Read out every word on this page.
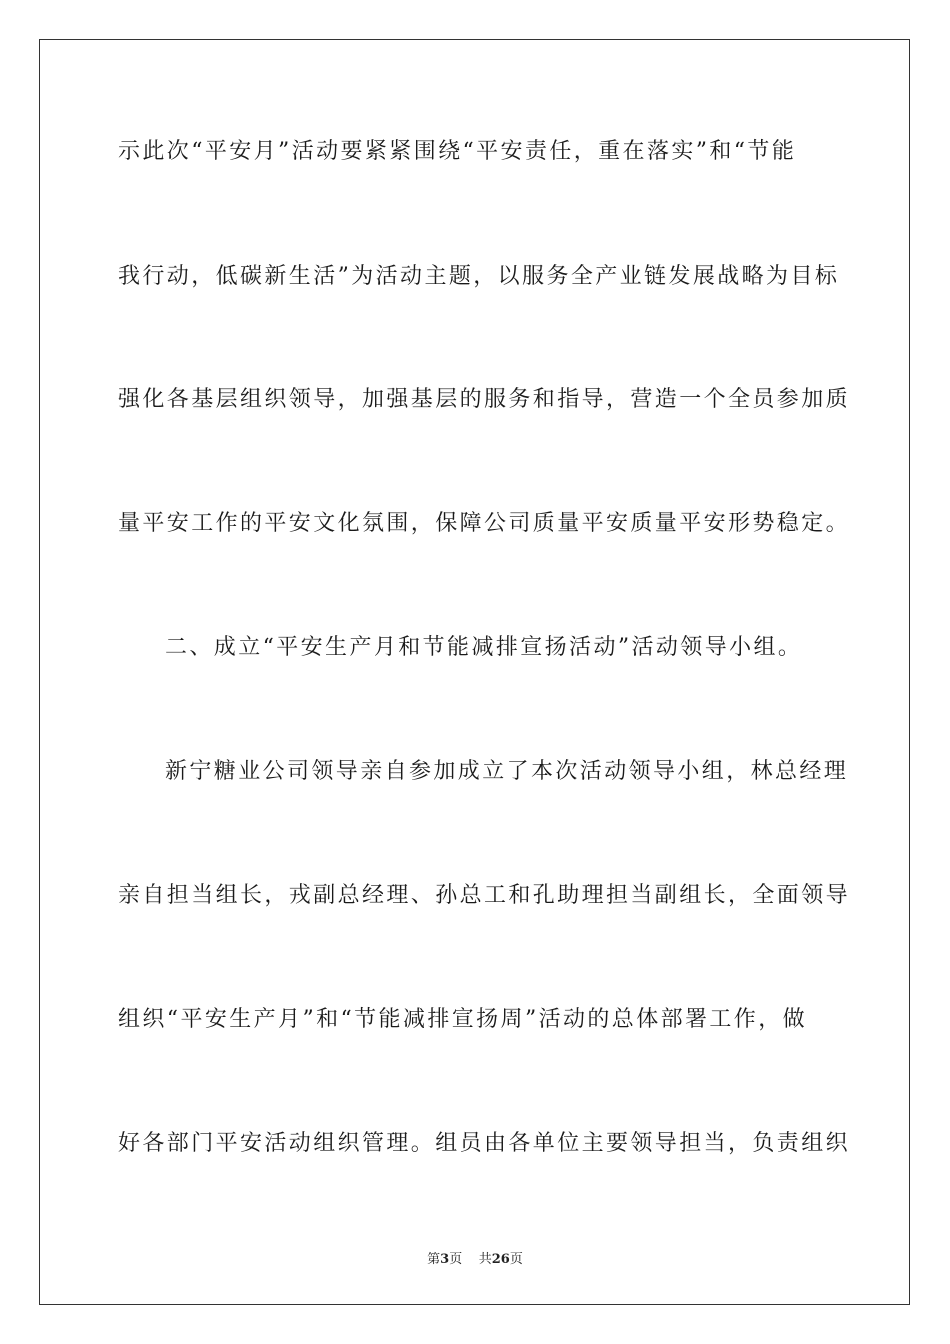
示此次“平安月”活动要紧紧围绕“平安责任，重在落实”和“节能
我行动，低碳新生活”为活动主题，以服务全产业链发展战略为目标
强化各基层组织领导，加强基层的服务和指导，营造一个全员参加质
量平安工作的平安文化氛围，保障公司质量平安质量平安形势稳定。
二、成立“平安生产月和节能减排宣扬活动”活动领导小组。
新宁糖业公司领导亲自参加成立了本次活动领导小组，林总经理
亲自担当组长，戎副总经理、孙总工和孔助理担当副组长，全面领导
组织“平安生产月”和“节能减排宣扬周”活动的总体部署工作，做
好各部门平安活动组织管理。组员由各单位主要领导担当，负责组织
第3页 共26页
